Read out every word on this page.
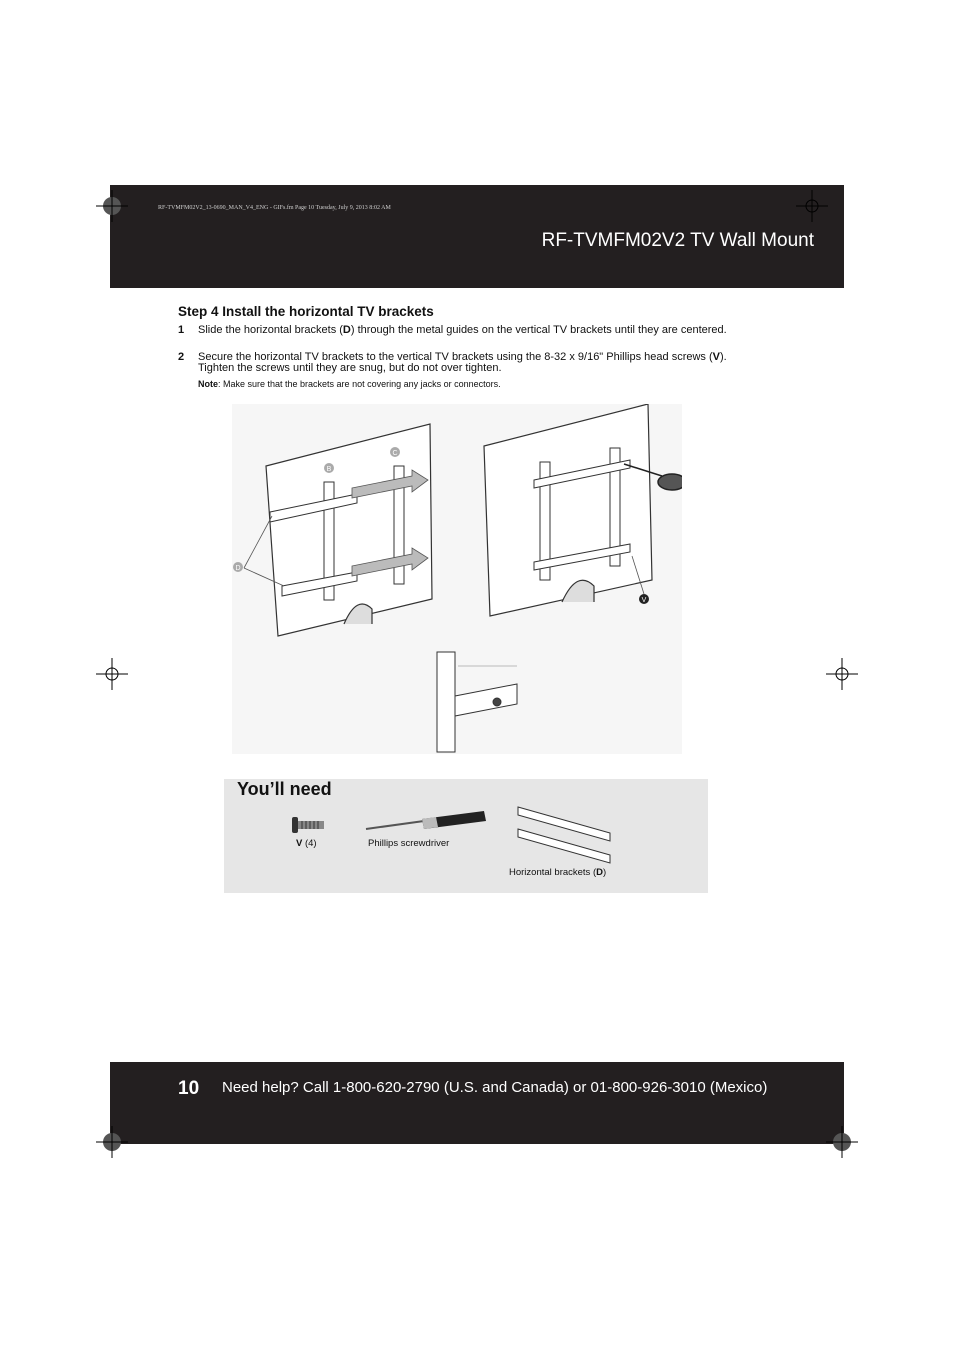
RF-TVMFM02V2_13-0690_MAN_V4_ENG - GIFs.fm Page 10 Tuesday, July 9, 2013 8:02 AM
RF-TVMFM02V2 TV Wall Mount
Step 4 Install the horizontal TV brackets
1 Slide the horizontal brackets (D) through the metal guides on the vertical TV brackets until they are centered.
2 Secure the horizontal TV brackets to the vertical TV brackets using the 8-32 x 9/16" Phillips head screws (V). Tighten the screws until they are snug, but do not over tighten.
Note: Make sure that the brackets are not covering any jacks or connectors.
B
C
D
V
You’ll need
V (4)	Phillips screwdriver
Horizontal brackets (D)
10 Need help? Call 1-800-620-2790 (U.S. and Canada) or 01-800-926-3010 (Mexico)
